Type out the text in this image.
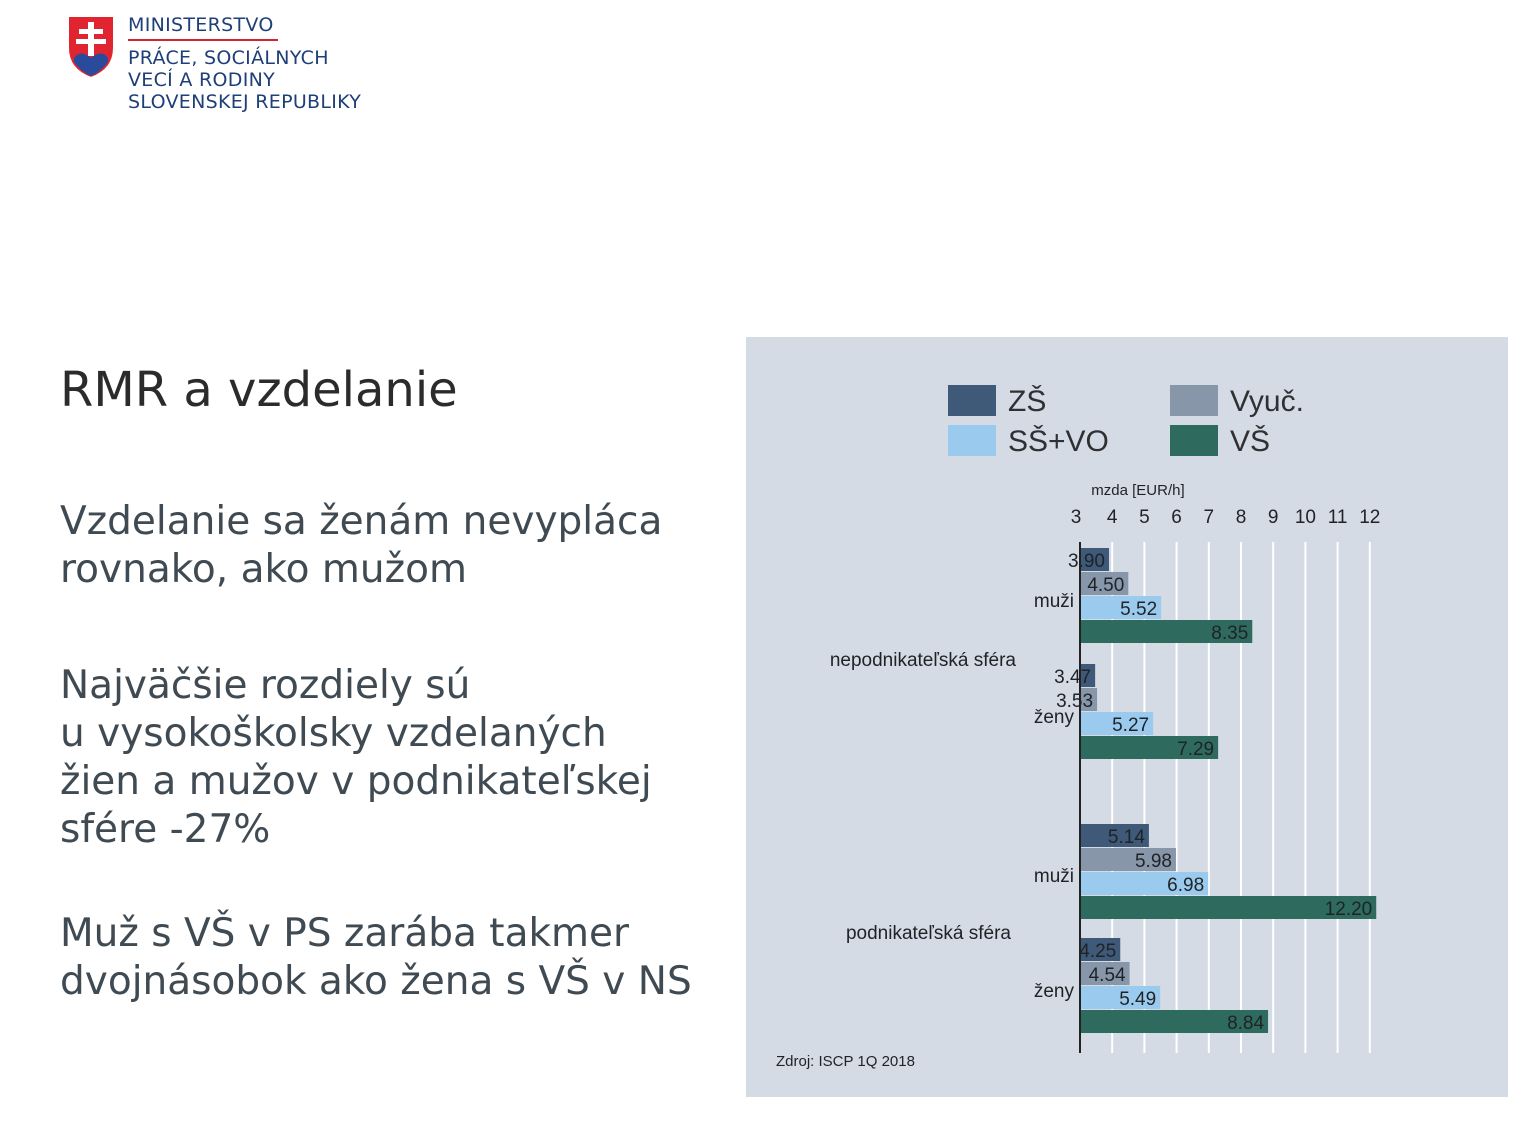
MINISTERSTVO

PRÁCE, SOCIÁLNYCH

VECÍ A RODINY

SLOVENSKEJ REPUBLIKY

RMR a vzdelanie

Vzdelanie sa ženám nevypláca
rovnako, ako mužom

Najväčšie rozdiely sú
u vysokoškolsky vzdelaných
žien a mužov v podnikateľskej
sfére -27%

Muž s VŠ v PS zarába takmer
dvojnásobok ako žena s VŠ v NS

ZŠ	Vyuč.
SŠ+VO	VŠ
mzda [EUR/h]
3 4 5 6 7 8 9 10 11 12
nepodnikateľská sféra
muži
3.90
4.50
5.52
8.35
ženy
3.47
3.53
5.27
7.29
podnikateľská sféra
muži
5.14
5.98
6.98
12.20
ženy
4.25
4.54
5.49
8.84
Zdroj: ISCP 1Q 2018
